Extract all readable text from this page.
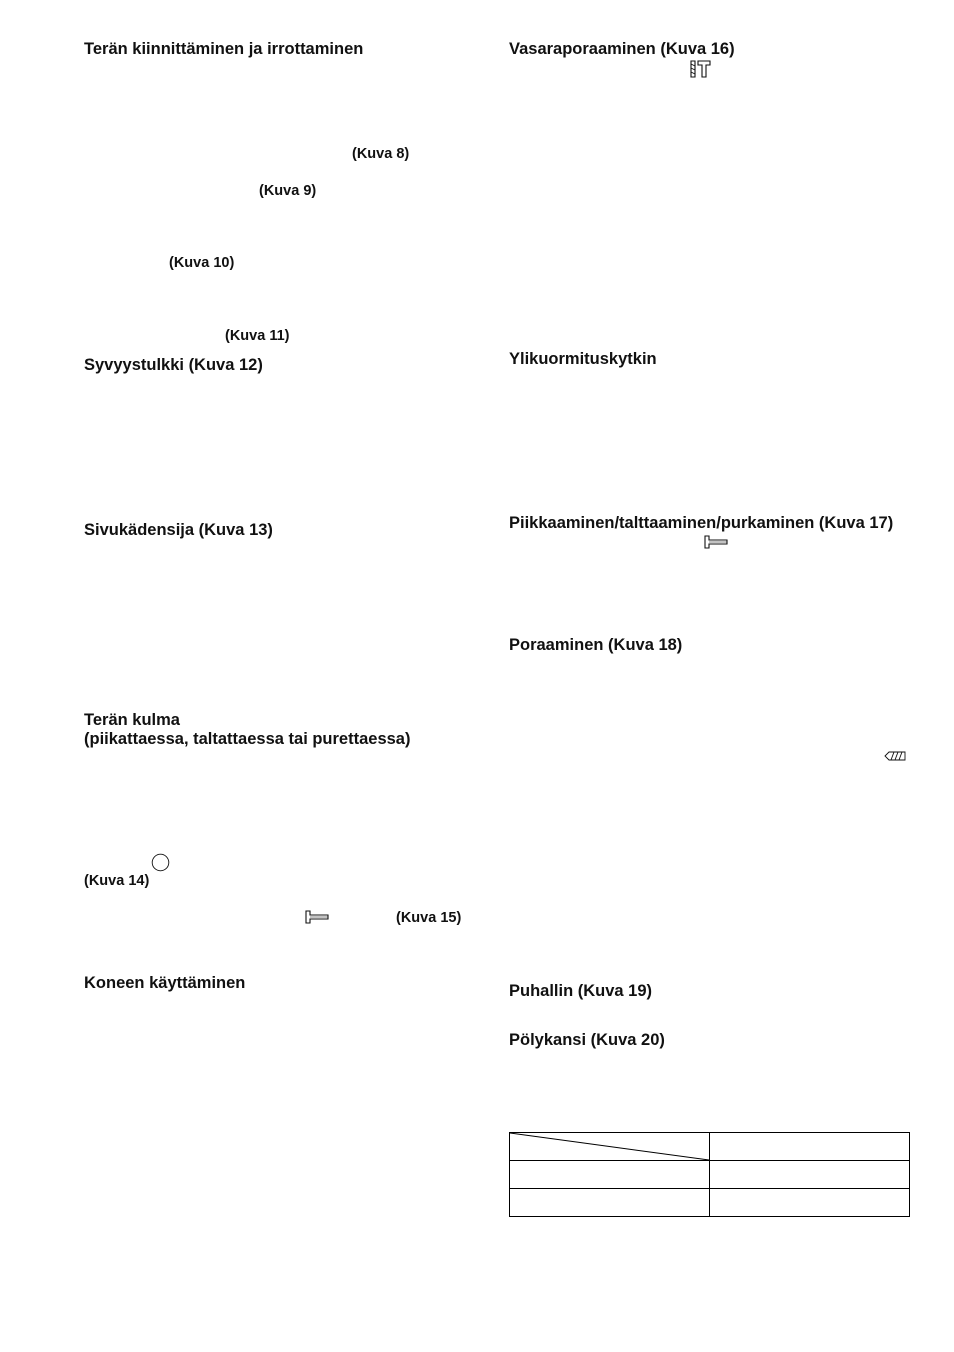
Terän kiinnittäminen ja irrottaminen
(Kuva 8)
(Kuva 9)
(Kuva 10)
(Kuva 11)
Syvyystulkki (Kuva 12)
Sivukädensija (Kuva 13)
Terän kulma
(piikattaessa, taltattaessa tai purettaessa)
(Kuva 14)
(Kuva 15)
Koneen käyttäminen
Vasaraporaaminen (Kuva 16)
Ylikuormituskytkin
Piikkaaminen/talttaaminen/purkaminen (Kuva 17)
Poraaminen (Kuva 18)
Puhallin (Kuva 19)
Pölykansi (Kuva 20)
